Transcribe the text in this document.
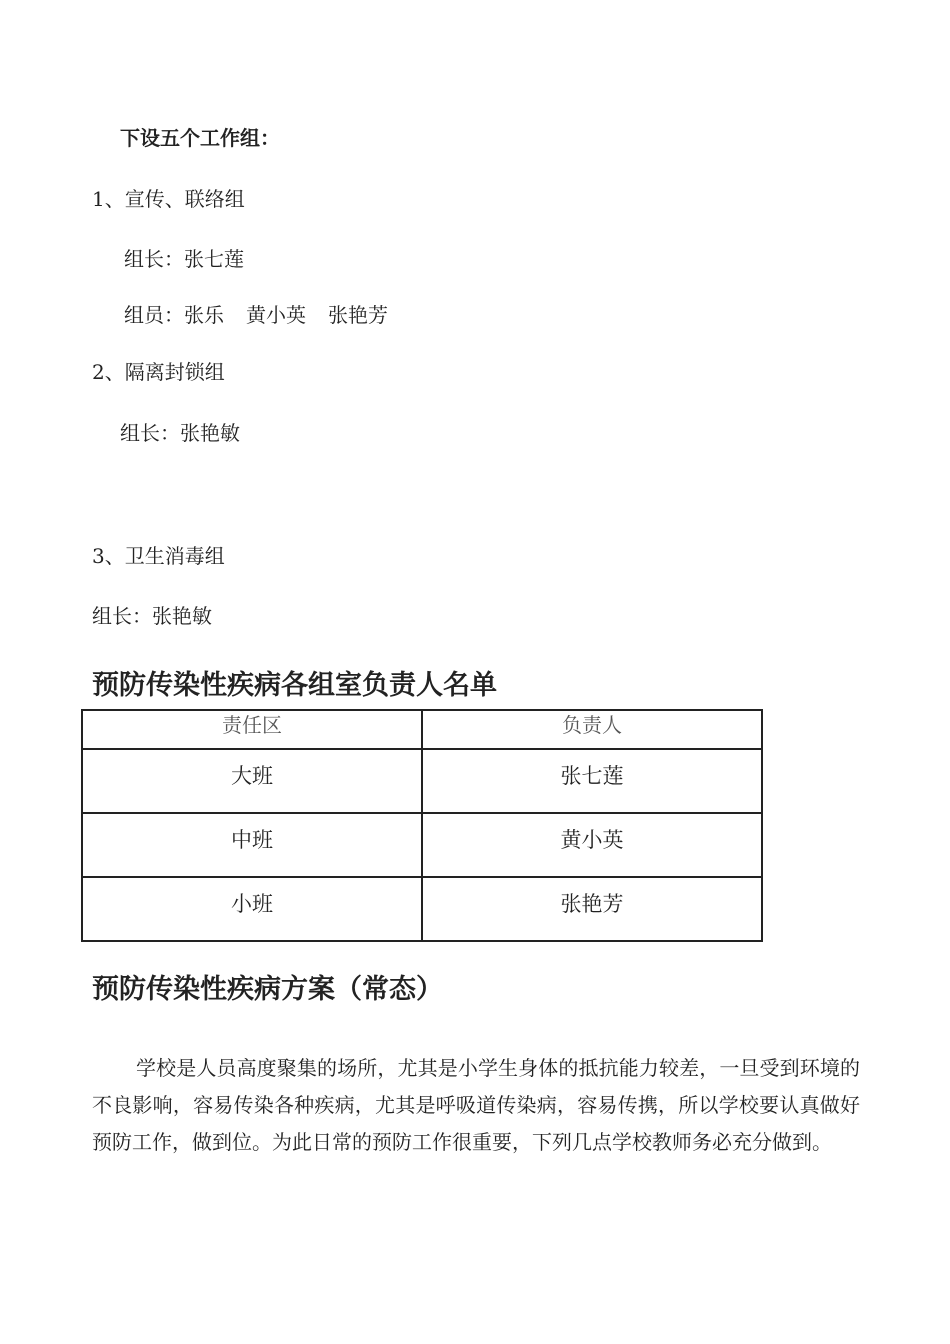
下设五个工作组：
1、宣传、联络组
组长：张七莲
组员：张乐 黄小英 张艳芳
2、隔离封锁组
组长：张艳敏
3、卫生消毒组
组长：张艳敏
预防传染性疾病各组室负责人名单
责任区	负责人
大班	张七莲
中班	黄小英
小班	张艳芳
预防传染性疾病方案（常态）
学校是人员高度聚集的场所，尤其是小学生身体的抵抗能力较差，一旦受到环境的不良影响，容易传染各种疾病，尤其是呼吸道传染病，容易传携，所以学校要认真做好预防工作，做到位。为此日常的预防工作很重要，下列几点学校教师务必充分做到。
